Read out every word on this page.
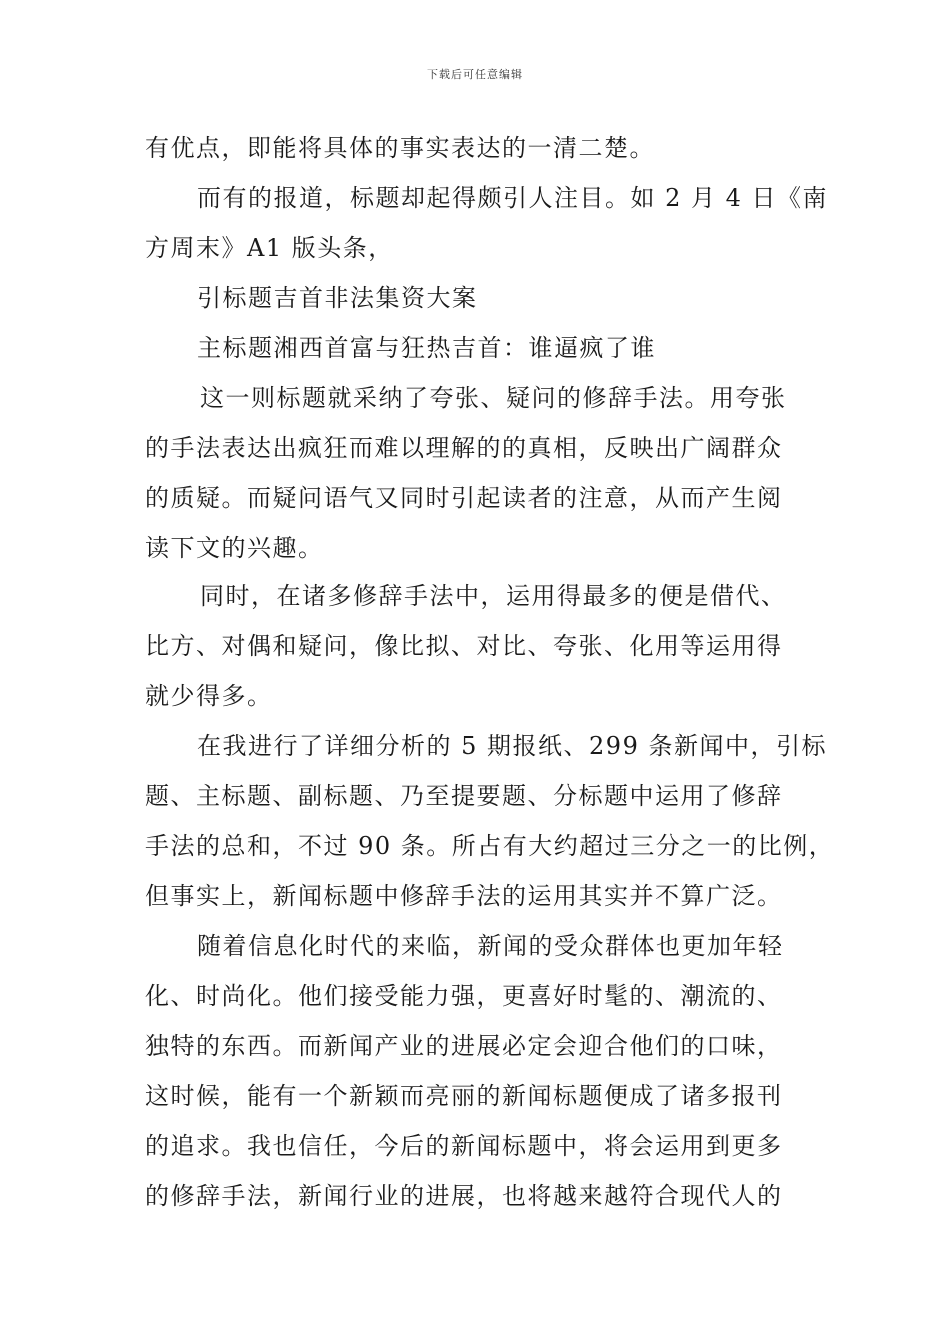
下载后可任意编辑
有优点，即能将具体的事实表达的一清二楚。
而有的报道，标题却起得颇引人注目。如 2 月 4 日《南
方周末》A1 版头条，
引标题吉首非法集资大案
主标题湘西首富与狂热吉首：谁逼疯了谁
这一则标题就采纳了夸张、疑问的修辞手法。用夸张
的手法表达出疯狂而难以理解的的真相，反映出广阔群众
的质疑。而疑问语气又同时引起读者的注意，从而产生阅
读下文的兴趣。
同时，在诸多修辞手法中，运用得最多的便是借代、
比方、对偶和疑问，像比拟、对比、夸张、化用等运用得
就少得多。
在我进行了详细分析的 5 期报纸、299 条新闻中，引标
题、主标题、副标题、乃至提要题、分标题中运用了修辞
手法的总和，不过 90 条。所占有大约超过三分之一的比例，
但事实上，新闻标题中修辞手法的运用其实并不算广泛。
随着信息化时代的来临，新闻的受众群体也更加年轻
化、时尚化。他们接受能力强，更喜好时髦的、潮流的、
独特的东西。而新闻产业的进展必定会迎合他们的口味，
这时候，能有一个新颖而亮丽的新闻标题便成了诸多报刊
的追求。我也信任，今后的新闻标题中，将会运用到更多
的修辞手法，新闻行业的进展，也将越来越符合现代人的
